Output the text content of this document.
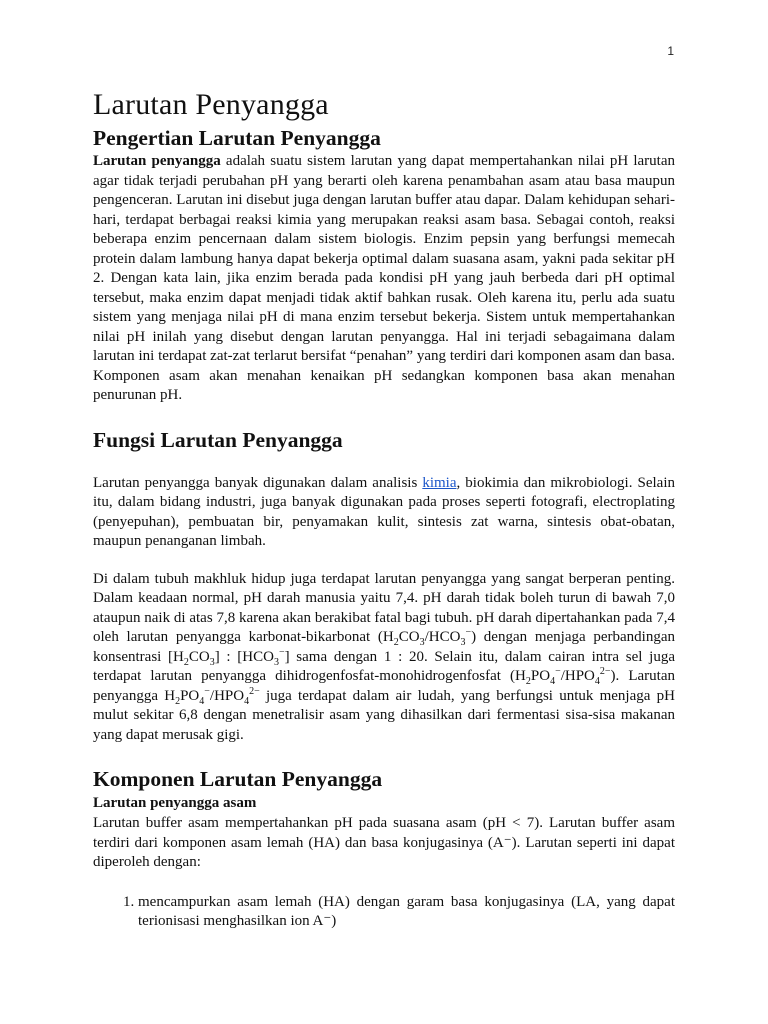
1
Larutan Penyangga
Pengertian Larutan Penyangga

Larutan penyangga adalah suatu sistem larutan yang dapat mempertahankan nilai pH larutan agar tidak terjadi perubahan pH yang berarti oleh karena penambahan asam atau basa maupun pengenceran. Larutan ini disebut juga dengan larutan buffer atau dapar. Dalam kehidupan sehari-hari, terdapat berbagai reaksi kimia yang merupakan reaksi asam basa. Sebagai contoh, reaksi beberapa enzim pencernaan dalam sistem biologis. Enzim pepsin yang berfungsi memecah protein dalam lambung hanya dapat bekerja optimal dalam suasana asam, yakni pada sekitar pH 2. Dengan kata lain, jika enzim berada pada kondisi pH yang jauh berbeda dari pH optimal tersebut, maka enzim dapat menjadi tidak aktif bahkan rusak. Oleh karena itu, perlu ada suatu sistem yang menjaga nilai pH di mana enzim tersebut bekerja. Sistem untuk mempertahankan nilai pH inilah yang disebut dengan larutan penyangga. Hal ini terjadi sebagaimana dalam larutan ini terdapat zat-zat terlarut bersifat “penahan” yang terdiri dari komponen asam dan basa. Komponen asam akan menahan kenaikan pH sedangkan komponen basa akan menahan penurunan pH.

Fungsi Larutan Penyangga

Larutan penyangga banyak digunakan dalam analisis kimia, biokimia dan mikrobiologi. Selain itu, dalam bidang industri, juga banyak digunakan pada proses seperti fotografi, electroplating (penyepuhan), pembuatan bir, penyamakan kulit, sintesis zat warna, sintesis obat-obatan, maupun penanganan limbah.

Di dalam tubuh makhluk hidup juga terdapat larutan penyangga yang sangat berperan penting. Dalam keadaan normal, pH darah manusia yaitu 7,4. pH darah tidak boleh turun di bawah 7,0 ataupun naik di atas 7,8 karena akan berakibat fatal bagi tubuh. pH darah dipertahankan pada 7,4 oleh larutan penyangga karbonat-bikarbonat $(H_2CO_3/HCO_3^-)$ dengan menjaga perbandingan konsentrasi $[H_2CO_3]$ : $[HCO_3^-]$ sama dengan 1 : 20. Selain itu, dalam cairan intra sel juga terdapat larutan penyangga dihidrogenfosfat-monohidrogenfosfat $(H_2PO_4^-/HPO_4^{2-})$. Larutan penyangga $H_2PO_4^-/HPO_4^{2-}$ juga terdapat dalam air ludah, yang berfungsi untuk menjaga pH mulut sekitar 6,8 dengan menetralisir asam yang dihasilkan dari fermentasi sisa-sisa makanan yang dapat merusak gigi.

Komponen Larutan Penyangga
Larutan penyangga asam

Larutan buffer asam mempertahankan pH pada suasana asam (pH < 7). Larutan buffer asam terdiri dari komponen asam lemah (HA) dan basa konjugasinya (A⁻). Larutan seperti ini dapat diperoleh dengan:

1. mencampurkan asam lemah (HA) dengan garam basa konjugasinya (LA, yang dapat terionisasi menghasilkan ion A⁻)
